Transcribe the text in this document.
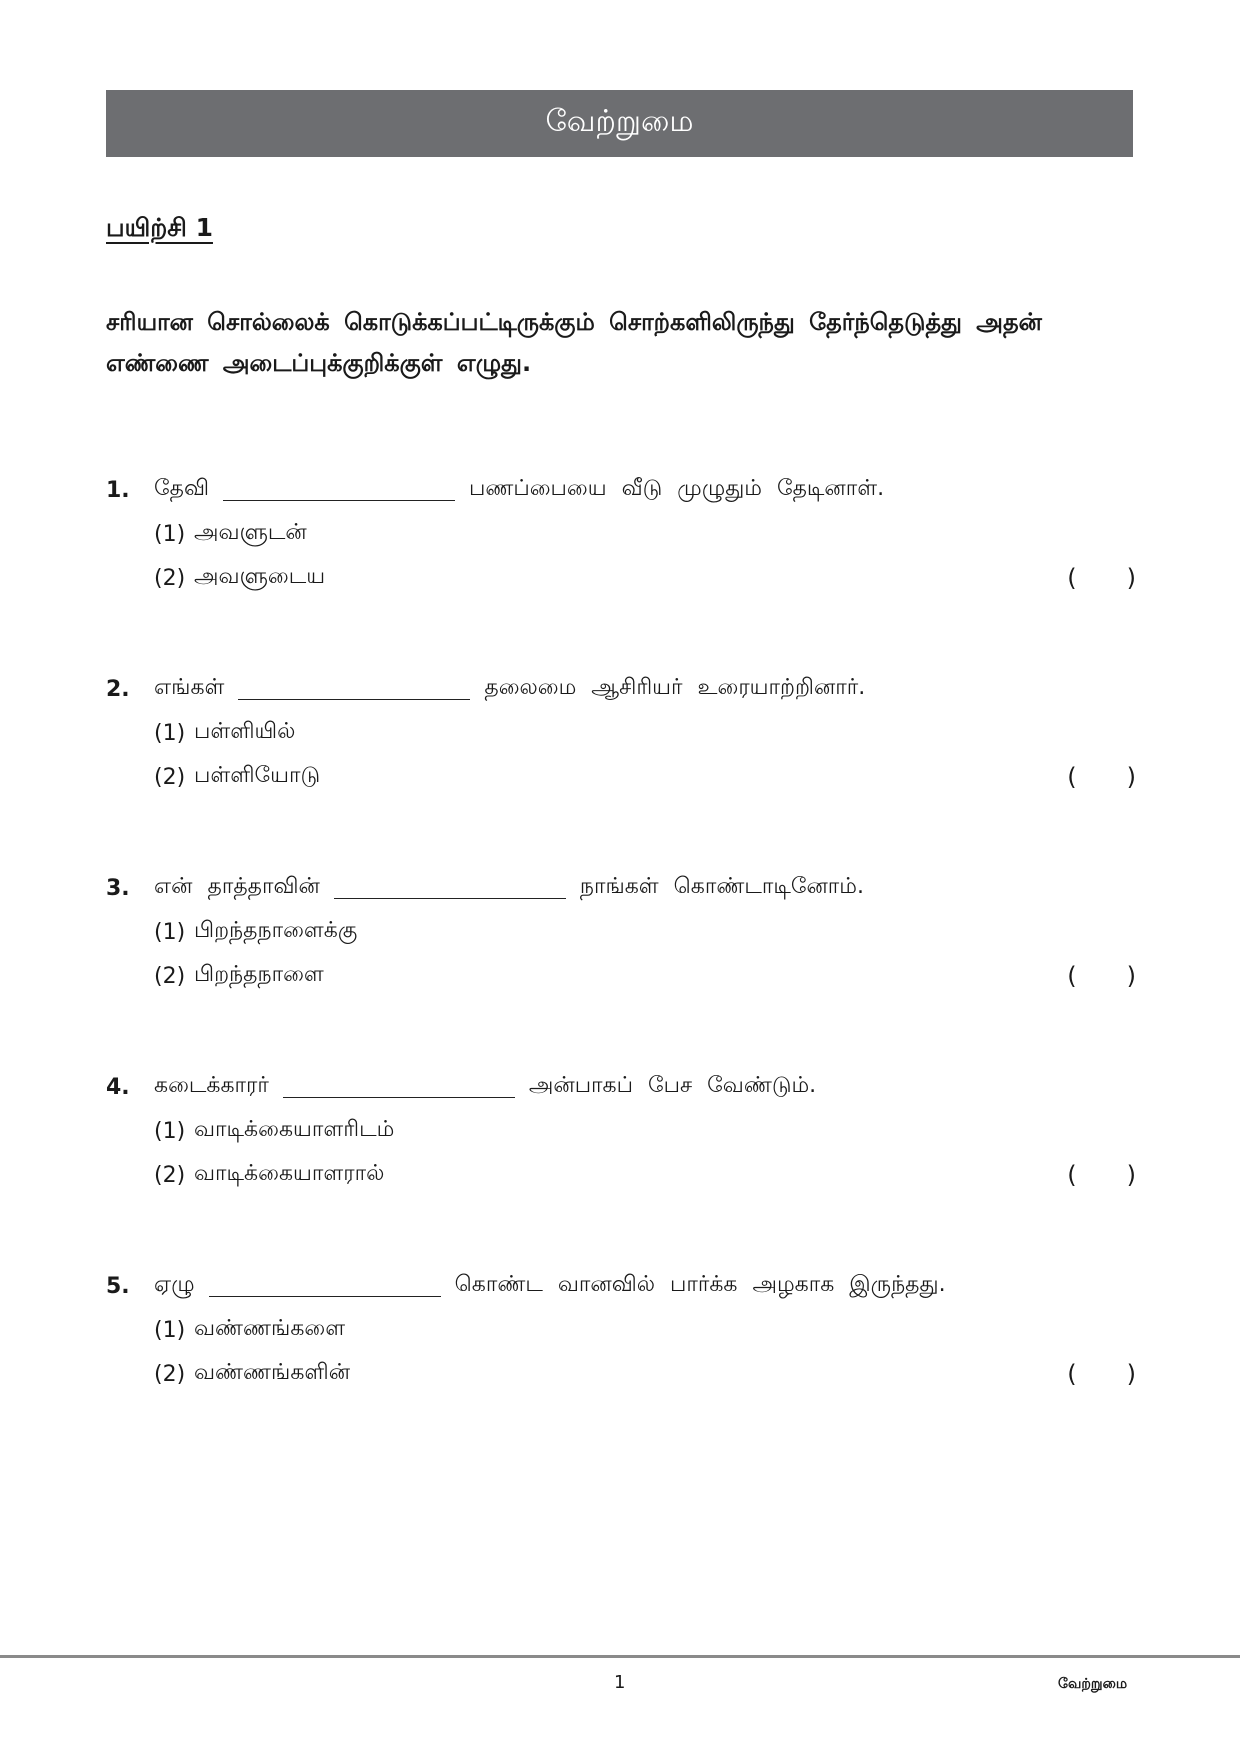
வேற்றுமை
பயிற்சி 1
சரியான சொல்லைக் கொடுக்கப்பட்டிருக்கும் சொற்களிலிருந்து தேர்ந்தெடுத்து அதன் எண்ணை அடைப்புக்குறிக்குள் எழுது.
1.	தேவி	பணப்பையை வீடு முழுதும் தேடினாள்.
(1) அவளுடன்
(2) அவளுடைய	( )
2.	எங்கள்	தலைமை ஆசிரியர் உரையாற்றினார்.
(1) பள்ளியில்
(2) பள்ளியோடு	( )
3.	என் தாத்தாவின்	நாங்கள் கொண்டாடினோம்.
(1) பிறந்தநாளைக்கு
(2) பிறந்தநாளை	( )
4.	கடைக்காரர்	அன்பாகப் பேச வேண்டும்.
(1) வாடிக்கையாளரிடம்
(2) வாடிக்கையாளரால்	( )
5.	ஏழு	கொண்ட வானவில் பார்க்க அழகாக இருந்தது.
(1) வண்ணங்களை
(2) வண்ணங்களின்	( )
1	வேற்றுமை
